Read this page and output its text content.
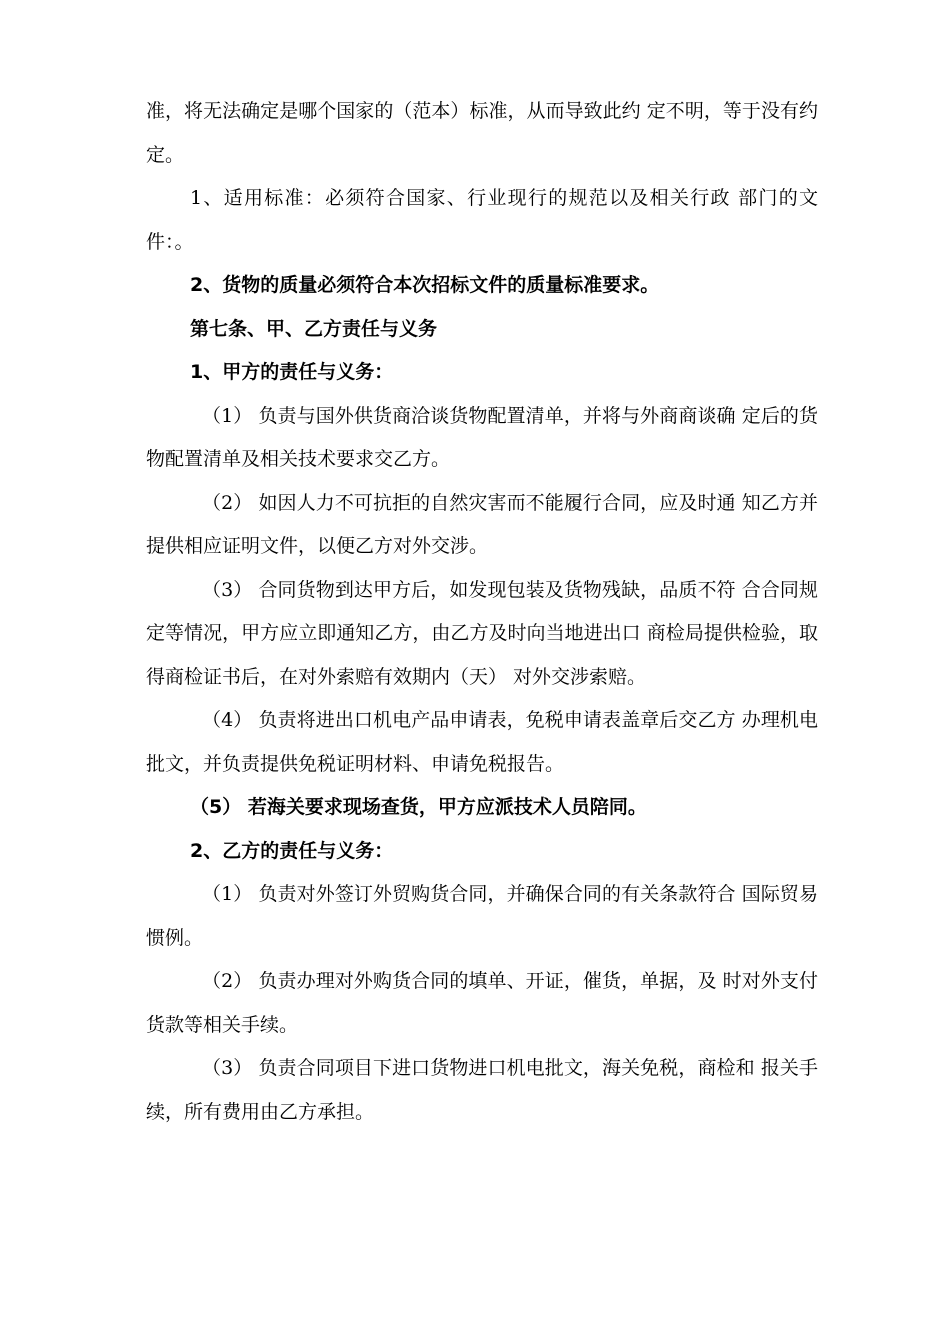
准，将无法确定是哪个国家的（范本）标准，从而导致此约 定不明，等于没有约定。

1、适用标准：必须符合国家、行业现行的规范以及相关行政 部门的文件：。

2、货物的质量必须符合本次招标文件的质量标准要求。

第七条、甲、乙方责任与义务

1、甲方的责任与义务：

（1） 负责与国外供货商洽谈货物配置清单，并将与外商商谈确 定后的货物配置清单及相关技术要求交乙方。

（2） 如因人力不可抗拒的自然灾害而不能履行合同，应及时通 知乙方并提供相应证明文件，以便乙方对外交涉。

（3） 合同货物到达甲方后，如发现包装及货物残缺，品质不符 合合同规定等情况，甲方应立即通知乙方，由乙方及时向当地进出口 商检局提供检验，取得商检证书后，在对外索赔有效期内（天） 对外交涉索赔。

（4） 负责将进出口机电产品申请表，免税申请表盖章后交乙方 办理机电批文，并负责提供免税证明材料、申请免税报告。

（5） 若海关要求现场查货，甲方应派技术人员陪同。

2、乙方的责任与义务：

（1） 负责对外签订外贸购货合同，并确保合同的有关条款符合 国际贸易惯例。

（2） 负责办理对外购货合同的填单、开证，催货，单据，及 时对外支付货款等相关手续。

（3） 负责合同项目下进口货物进口机电批文，海关免税，商检和 报关手续，所有费用由乙方承担。
